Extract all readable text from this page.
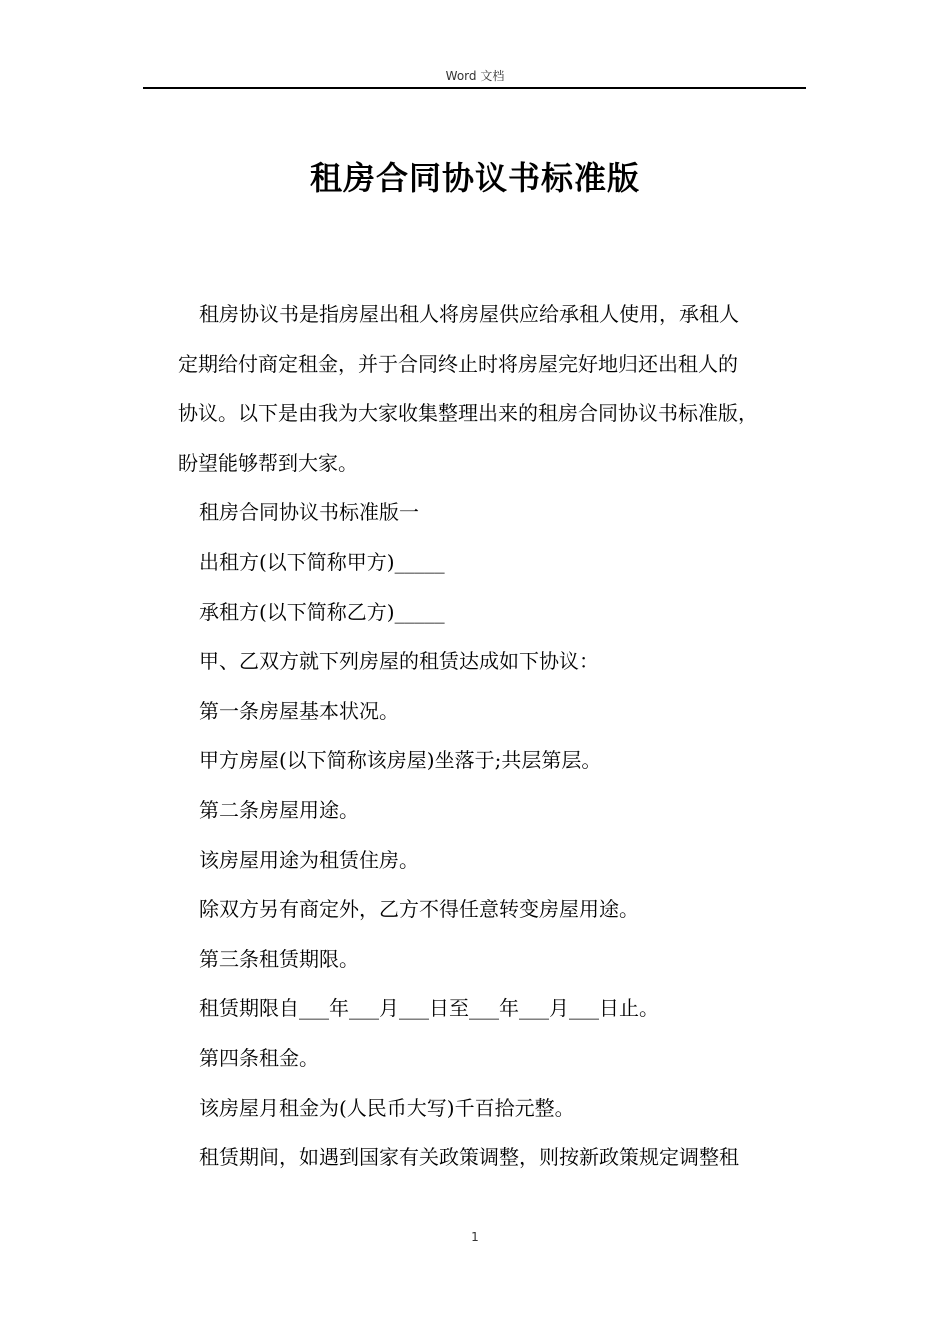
Word 文档
租房合同协议书标准版

租房协议书是指房屋出租人将房屋供应给承租人使用，承租人
定期给付商定租金，并于合同终止时将房屋完好地归还出租人的
协议。以下是由我为大家收集整理出来的租房合同协议书标准版，
盼望能够帮到大家。

租房合同协议书标准版一

出租方(以下简称甲方)_____

承租方(以下简称乙方)_____

甲、乙双方就下列房屋的租赁达成如下协议：

第一条房屋基本状况。

甲方房屋(以下简称该房屋)坐落于;共层第层。

第二条房屋用途。

该房屋用途为租赁住房。

除双方另有商定外，乙方不得任意转变房屋用途。

第三条租赁期限。

租赁期限自___年___月___日至___年___月___日止。

第四条租金。

该房屋月租金为(人民币大写)千百拾元整。

租赁期间，如遇到国家有关政策调整，则按新政策规定调整租

1
